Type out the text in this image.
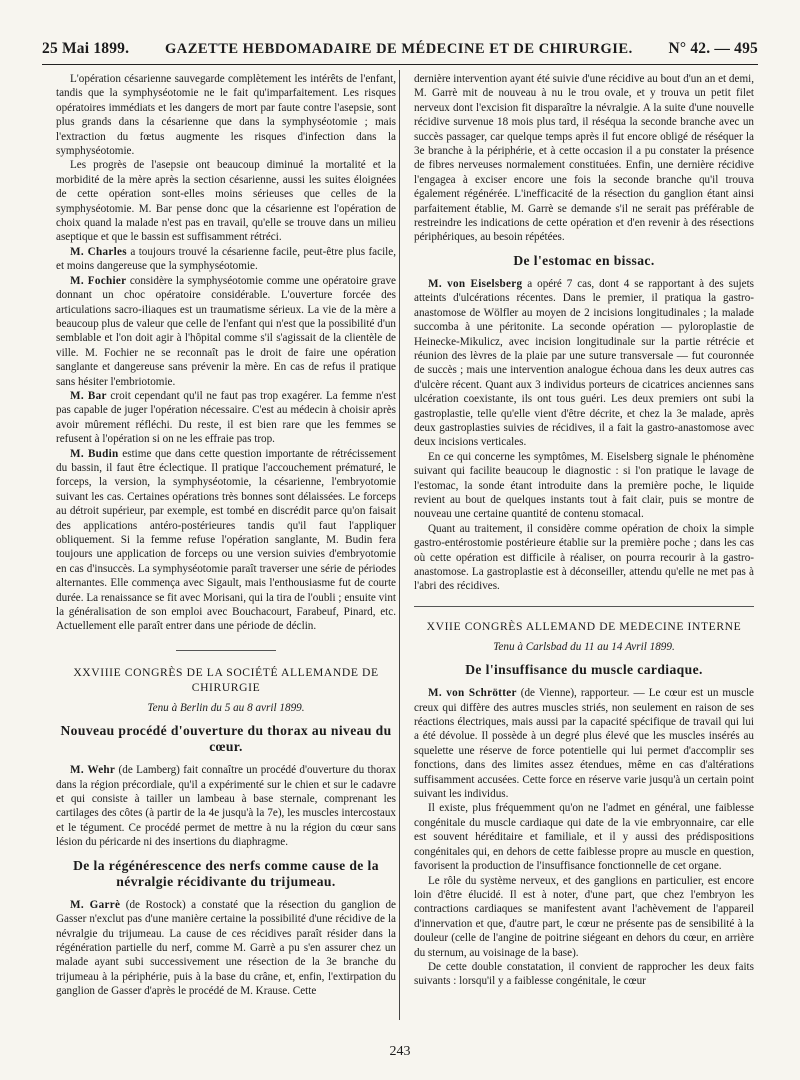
25 Mai 1899. GAZETTE HEBDOMADAIRE DE MÉDECINE ET DE CHIRURGIE. N° 42. — 495

L'opération césarienne sauvegarde complètement les intérêts de l'enfant, tandis que la symphyséotomie ne le fait qu'imparfaitement. Les risques opératoires immédiats et les dangers de mort par faute contre l'asepsie, sont plus grands dans la césarienne que dans la symphyséotomie ; mais l'extraction du fœtus augmente les risques d'infection dans la symphyséotomie.

Les progrès de l'asepsie ont beaucoup diminué la mortalité et la morbidité de la mère après la section césarienne, aussi les suites éloignées de cette opération sont-elles moins sérieuses que celles de la symphyséotomie. M. Bar pense donc que la césarienne est l'opération de choix quand la malade n'est pas en travail, qu'elle se trouve dans un milieu aseptique et que le bassin est suffisamment rétréci.

M. Charles a toujours trouvé la césarienne facile, peut-être plus facile, et moins dangereuse que la symphyséotomie.

M. Fochier considère la symphyséotomie comme une opératoire grave donnant un choc opératoire considérable. L'ouverture forcée des articulations sacro-iliaques est un traumatisme sérieux. La vie de la mère a beaucoup plus de valeur que celle de l'enfant qui n'est que la possibilité d'un semblable et l'on doit agir à l'hôpital comme s'il s'agissait de la clientèle de ville. M. Fochier ne se reconnaît pas le droit de faire une opération sanglante et dangereuse sans prévenir la mère. En cas de refus il pratique sans hésiter l'embriotomie.

M. Bar croit cependant qu'il ne faut pas trop exagérer. La femme n'est pas capable de juger l'opération nécessaire. C'est au médecin à choisir après avoir mûrement réfléchi. Du reste, il est bien rare que les femmes se refusent à l'opération si on ne les effraie pas trop.

M. Budin estime que dans cette question importante de rétrécissement du bassin, il faut être éclectique. Il pratique l'accouchement prématuré, le forceps, la version, la symphyséotomie, la césarienne, l'embryotomie suivant les cas. Certaines opérations très bonnes sont délaissées. Le forceps au détroit supérieur, par exemple, est tombé en discrédit parce qu'on faisait des applications antéro-postérieures tandis qu'il faut l'appliquer obliquement. Si la femme refuse l'opération sanglante, M. Budin fera toujours une application de forceps ou une version suivies d'embryotomie en cas d'insuccès. La symphyséotomie paraît traverser une série de périodes alternantes. Elle commença avec Sigault, mais l'enthousiasme fut de courte durée. La renaissance se fit avec Morisani, qui la tira de l'oubli ; ensuite vint la généralisation de son emploi avec Bouchacourt, Farabeuf, Pinard, etc. Actuellement elle paraît entrer dans une période de déclin.

XXVIIIE CONGRÈS DE LA SOCIÉTÉ ALLEMANDE DE CHIRURGIE

Tenu à Berlin du 5 au 8 avril 1899.

Nouveau procédé d'ouverture du thorax au niveau du cœur.

M. Wehr (de Lamberg) fait connaître un procédé d'ouverture du thorax dans la région précordiale, qu'il a expérimenté sur le chien et sur le cadavre et qui consiste à tailler un lambeau à base sternale, comprenant les cartilages des côtes (à partir de la 4e jusqu'à la 7e), les muscles intercostaux et le tégument. Ce procédé permet de mettre à nu la région du cœur sans lésion du péricarde ni des insertions du diaphragme.

De la régénérescence des nerfs comme cause de la névralgie récidivante du trijumeau.

M. Garrè (de Rostock) a constaté que la résection du ganglion de Gasser n'exclut pas d'une manière certaine la possibilité d'une récidive de la névralgie du trijumeau. La cause de ces récidives paraît résider dans la régénération partielle du nerf, comme M. Garrè a pu s'en assurer chez un malade ayant subi successivement une résection de la 3e branche du trijumeau à la périphérie, puis à la base du crâne, et, enfin, l'extirpation du ganglion de Gasser d'après le procédé de M. Krause. Cette

dernière intervention ayant été suivie d'une récidive au bout d'un an et demi, M. Garrè mit de nouveau à nu le trou ovale, et y trouva un petit filet nerveux dont l'excision fit disparaître la névralgie. A la suite d'une nouvelle récidive survenue 18 mois plus tard, il réséqua la seconde branche avec un succès passager, car quelque temps après il fut encore obligé de réséquer la 3e branche à la périphérie, et à cette occasion il a pu constater la présence de fibres nerveuses normalement constituées. Enfin, une dernière récidive l'engagea à exciser encore une fois la seconde branche qu'il trouva également régénérée. L'inefficacité de la résection du ganglion étant ainsi parfaitement établie, M. Garrè se demande s'il ne serait pas préférable de restreindre les indications de cette opération et d'en revenir à des résections périphériques, au besoin répétées.

De l'estomac en bissac.

M. von Eiselsberg a opéré 7 cas, dont 4 se rapportant à des sujets atteints d'ulcérations récentes. Dans le premier, il pratiqua la gastro-anastomose de Wölfler au moyen de 2 incisions longitudinales ; la malade succomba à une péritonite. La seconde opération — pyloroplastie de Heinecke-Mikulicz, avec incision longitudinale sur la partie rétrécie et réunion des lèvres de la plaie par une suture transversale — fut couronnée de succès ; mais une intervention analogue échoua dans les deux autres cas d'ulcère récent. Quant aux 3 individus porteurs de cicatrices anciennes sans ulcération coexistante, ils ont tous guéri. Les deux premiers ont subi la gastroplastie, telle qu'elle vient d'être décrite, et chez la 3e malade, après deux gastroplasties suivies de récidives, il a fait la gastro-anastomose avec deux incisions verticales.

En ce qui concerne les symptômes, M. Eiselsberg signale le phénomène suivant qui facilite beaucoup le diagnostic : si l'on pratique le lavage de l'estomac, la sonde étant introduite dans la première poche, le liquide revient au bout de quelques instants tout à fait clair, puis se montre de nouveau une certaine quantité de contenu stomacal.

Quant au traitement, il considère comme opération de choix la simple gastro-entérostomie postérieure établie sur la première poche ; dans les cas où cette opération est difficile à réaliser, on pourra recourir à la gastro-anastomose. La gastroplastie est à déconseiller, attendu qu'elle ne met pas à l'abri des récidives.

XVIIE CONGRÈS ALLEMAND DE MEDECINE INTERNE

Tenu à Carlsbad du 11 au 14 Avril 1899.

De l'insuffisance du muscle cardiaque.

M. von Schrötter (de Vienne), rapporteur. — Le cœur est un muscle creux qui diffère des autres muscles striés, non seulement en raison de ses réactions électriques, mais aussi par la capacité spécifique de travail qui lui a été dévolue. Il possède à un degré plus élevé que les muscles insérés au squelette une réserve de force potentielle qui lui permet d'accomplir ses fonctions, dans des limites assez étendues, même en cas d'altérations suffisamment accusées. Cette force en réserve varie jusqu'à un certain point suivant les individus.

Il existe, plus fréquemment qu'on ne l'admet en général, une faiblesse congénitale du muscle cardiaque qui date de la vie embryonnaire, car elle est souvent héréditaire et familiale, et il y aussi des prédispositions congénitales qui, en dehors de cette faiblesse propre au muscle en question, favorisent la production de l'insuffisance fonctionnelle de cet organe.

Le rôle du système nerveux, et des ganglions en particulier, est encore loin d'être élucidé. Il est à noter, d'une part, que chez l'embryon les contractions cardiaques se manifestent avant l'achèvement de l'appareil d'innervation et que, d'autre part, le cœur ne présente pas de sensibilité à la douleur (celle de l'angine de poitrine siégeant en dehors du cœur, en arrière du sternum, au voisinage de la base).

De cette double constatation, il convient de rapprocher les deux faits suivants : lorsqu'il y a faiblesse congénitale, le cœur

243
